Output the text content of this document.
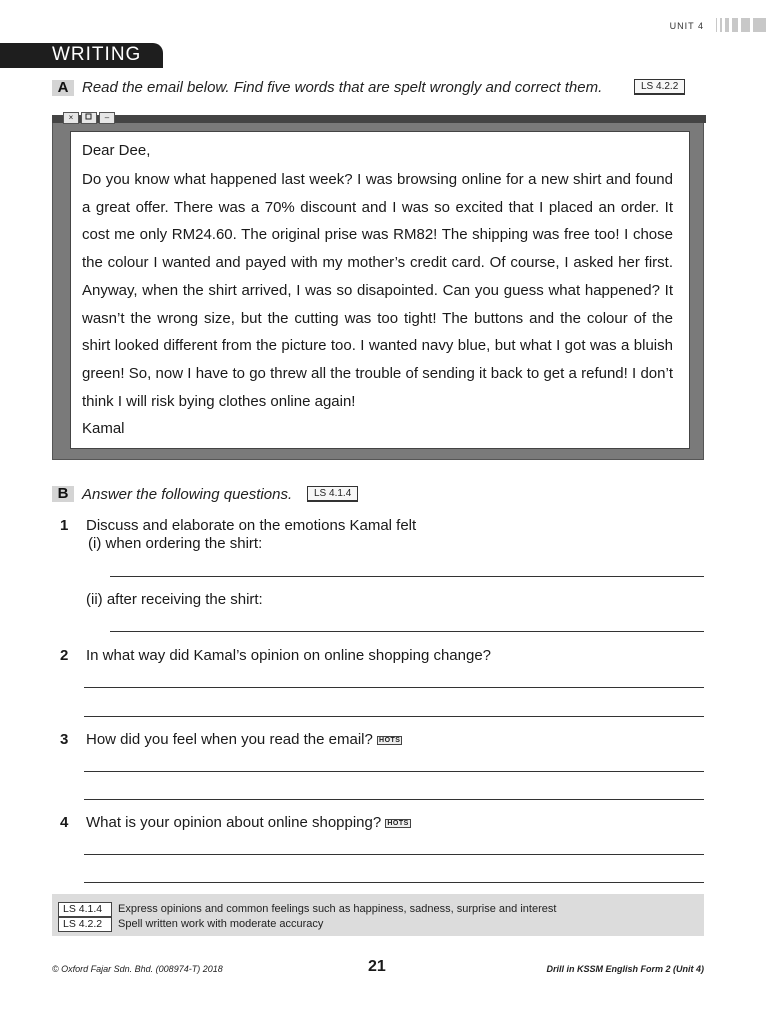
UNIT 4
WRITING
A Read the email below. Find five words that are spelt wrongly and correct them.	LS 4.2.2
×	–
Dear Dee,
Do you know what happened last week? I was browsing online for a new shirt and found a great offer. There was a 70% discount and I was so excited that I placed an order. It cost me only RM24.60. The original prise was RM82! The shipping was free too! I chose the colour I wanted and payed with my mother’s credit card. Of course, I asked her first. Anyway, when the shirt arrived, I was so disapointed. Can you guess what happened? It wasn’t the wrong size, but the cutting was too tight! The buttons and the colour of the shirt looked different from the picture too. I wanted navy blue, but what I got was a bluish green! So, now I have to go threw all the trouble of sending it back to get a refund! I don’t think I will risk bying clothes online again!
Kamal
B Answer the following questions.	LS 4.1.4
1 Discuss and elaborate on the emotions Kamal felt
(i) when ordering the shirt:
(ii) after receiving the shirt:
2 In what way did Kamal’s opinion on online shopping change?
3 How did you feel when you read the email? HOTS
4 What is your opinion about online shopping? HOTS
LS 4.1.4	Express opinions and common feelings such as happiness, sadness, surprise and interest
LS 4.2.2	Spell written work with moderate accuracy
© Oxford Fajar Sdn. Bhd. (008974-T) 2018	21	Drill in KSSM English Form 2 (Unit 4)
